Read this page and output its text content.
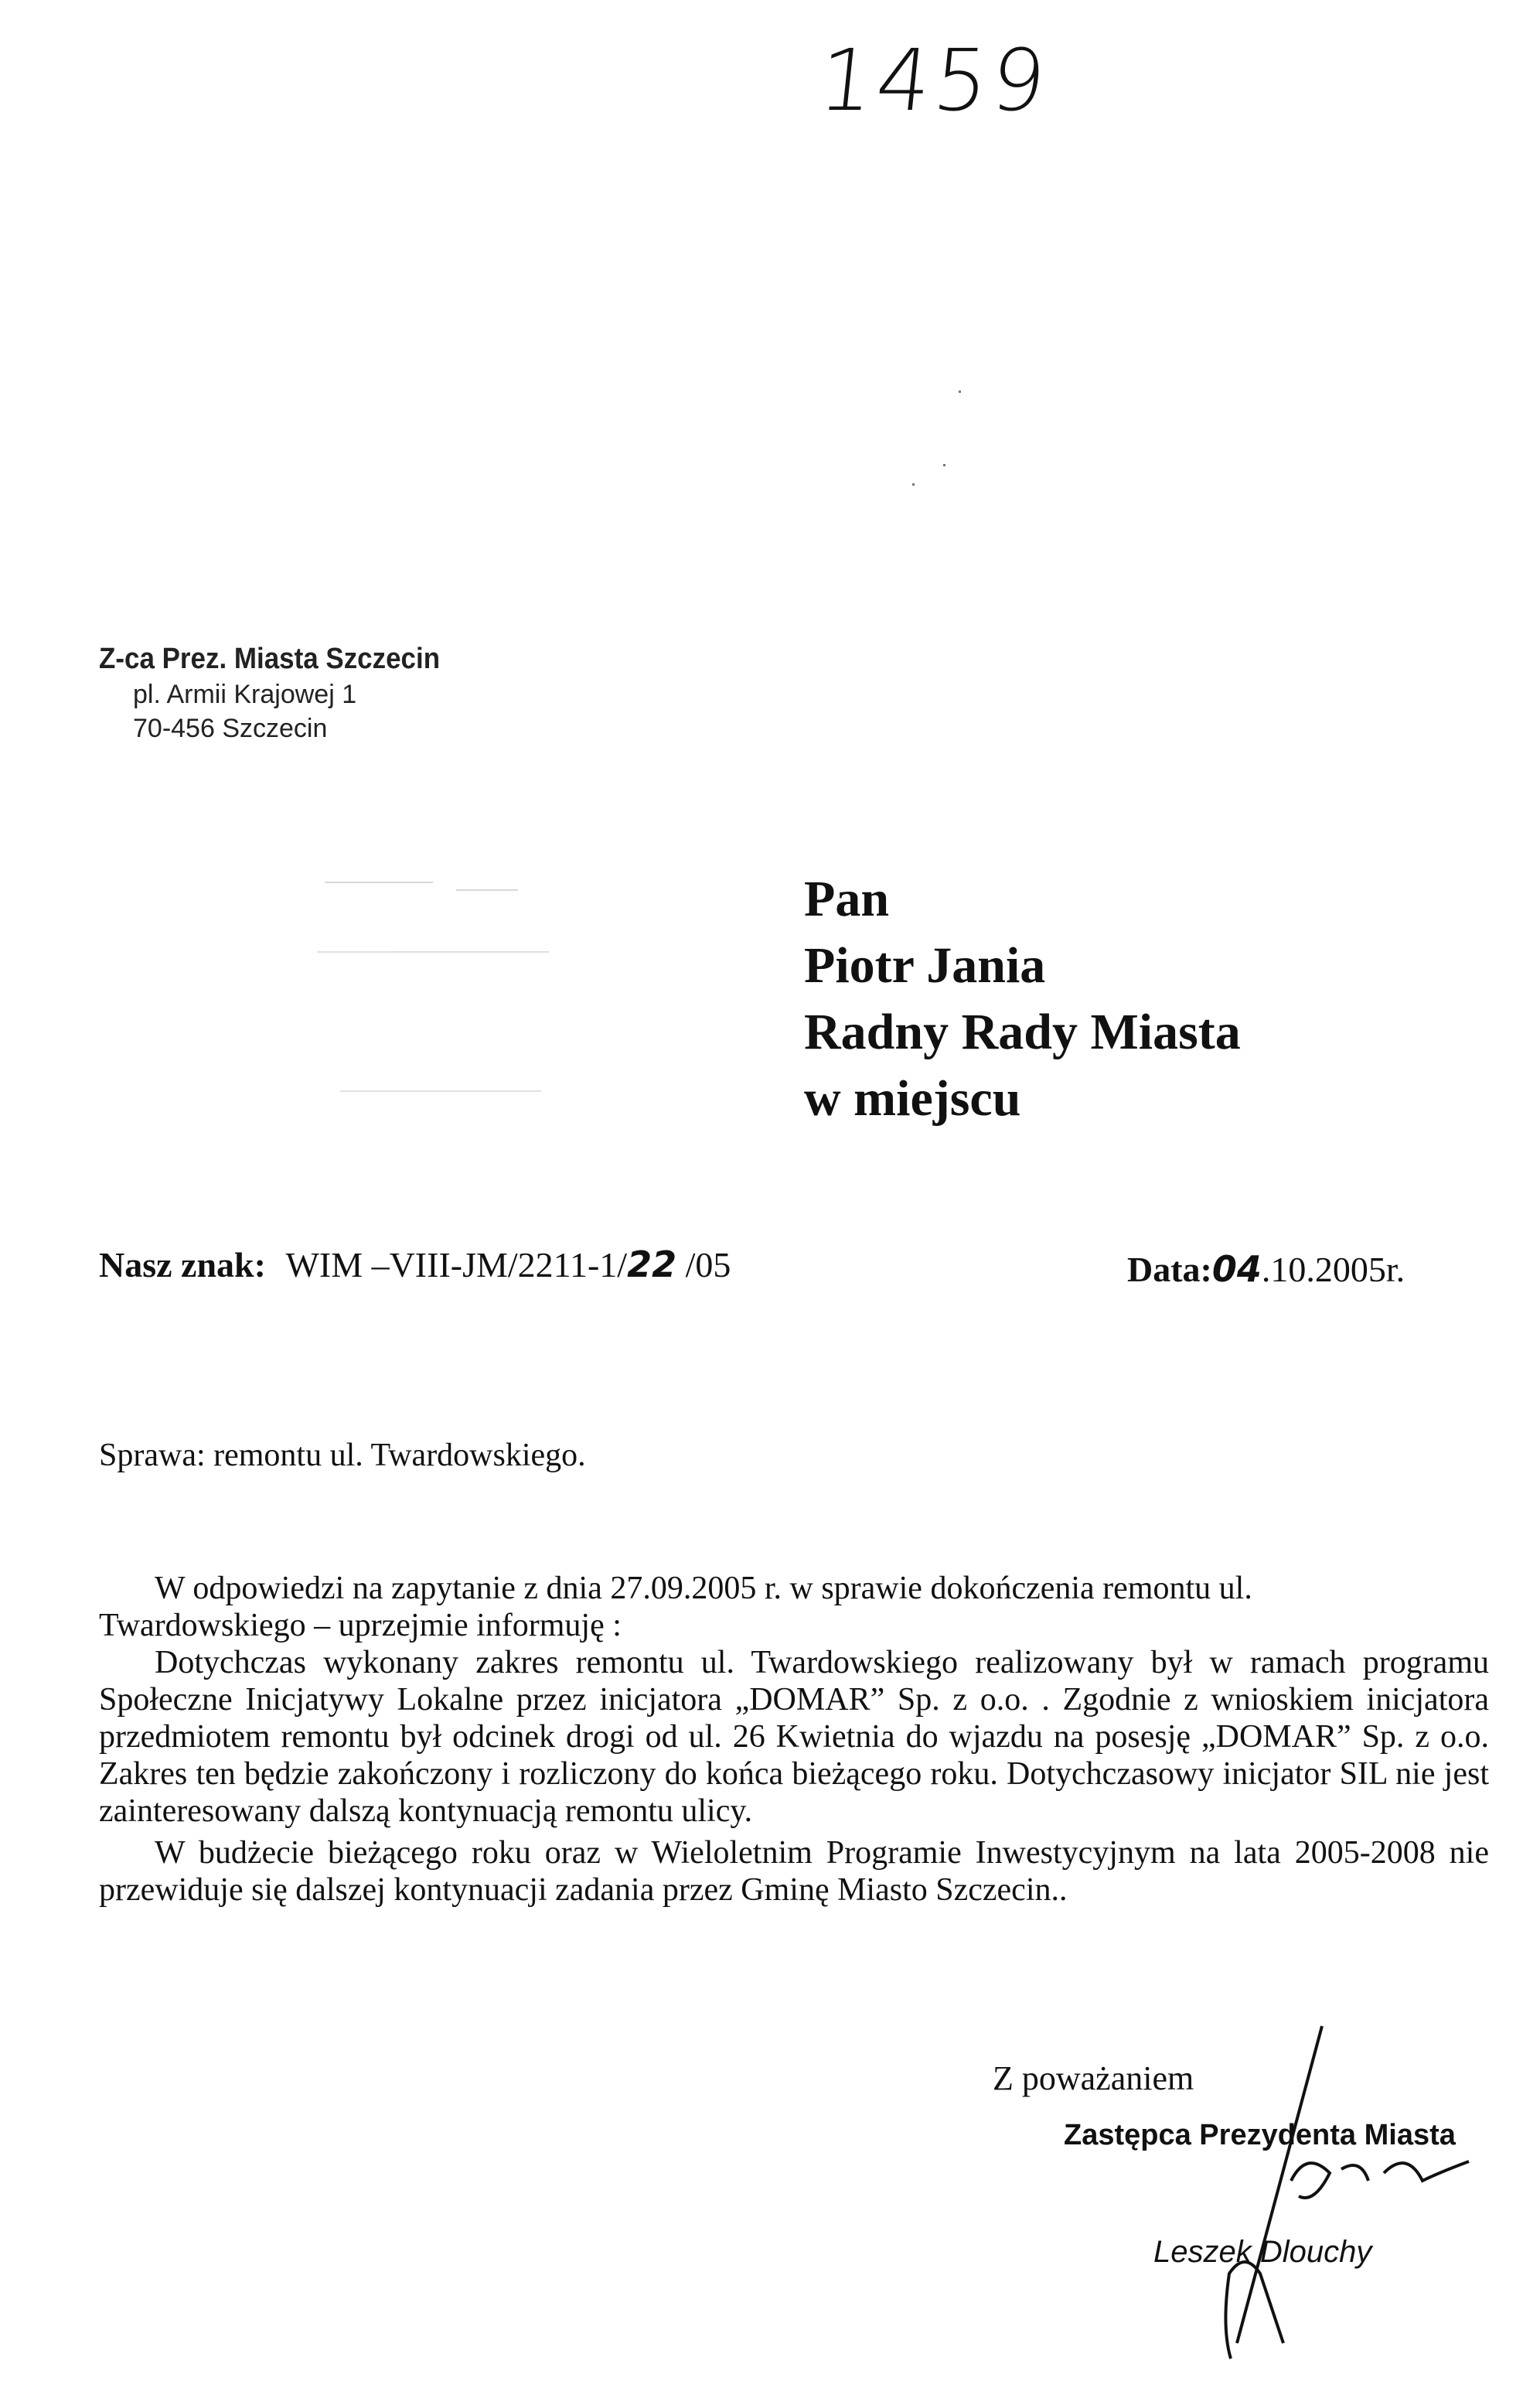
1459
Z-ca Prez. Miasta Szczecin
pl. Armii Krajowej 1
70-456 Szczecin
Pan
Piotr Jania
Radny Rady Miasta
w miejscu
Nasz znak: WIM –VIII-JM/2211-1/22 /05	Data:04.10.2005r.
Sprawa: remontu ul. Twardowskiego.
W odpowiedzi na zapytanie z dnia 27.09.2005 r. w sprawie dokończenia remontu ul.
Twardowskiego – uprzejmie informuję :
Dotychczas wykonany zakres remontu ul. Twardowskiego realizowany był w ramach programu Społeczne Inicjatywy Lokalne przez inicjatora „DOMAR” Sp. z o.o. . Zgodnie z wnioskiem inicjatora przedmiotem remontu był odcinek drogi od ul. 26 Kwietnia do wjazdu na posesję „DOMAR” Sp. z o.o. Zakres ten będzie zakończony i rozliczony do końca bieżącego roku. Dotychczasowy inicjator SIL nie jest zainteresowany dalszą kontynuacją remontu ulicy.
W budżecie bieżącego roku oraz w Wieloletnim Programie Inwestycyjnym na lata 2005-2008 nie przewiduje się dalszej kontynuacji zadania przez Gminę Miasto Szczecin..
Z poważaniem
Zastępca Prezydenta Miasta
Leszek Dlouchy
